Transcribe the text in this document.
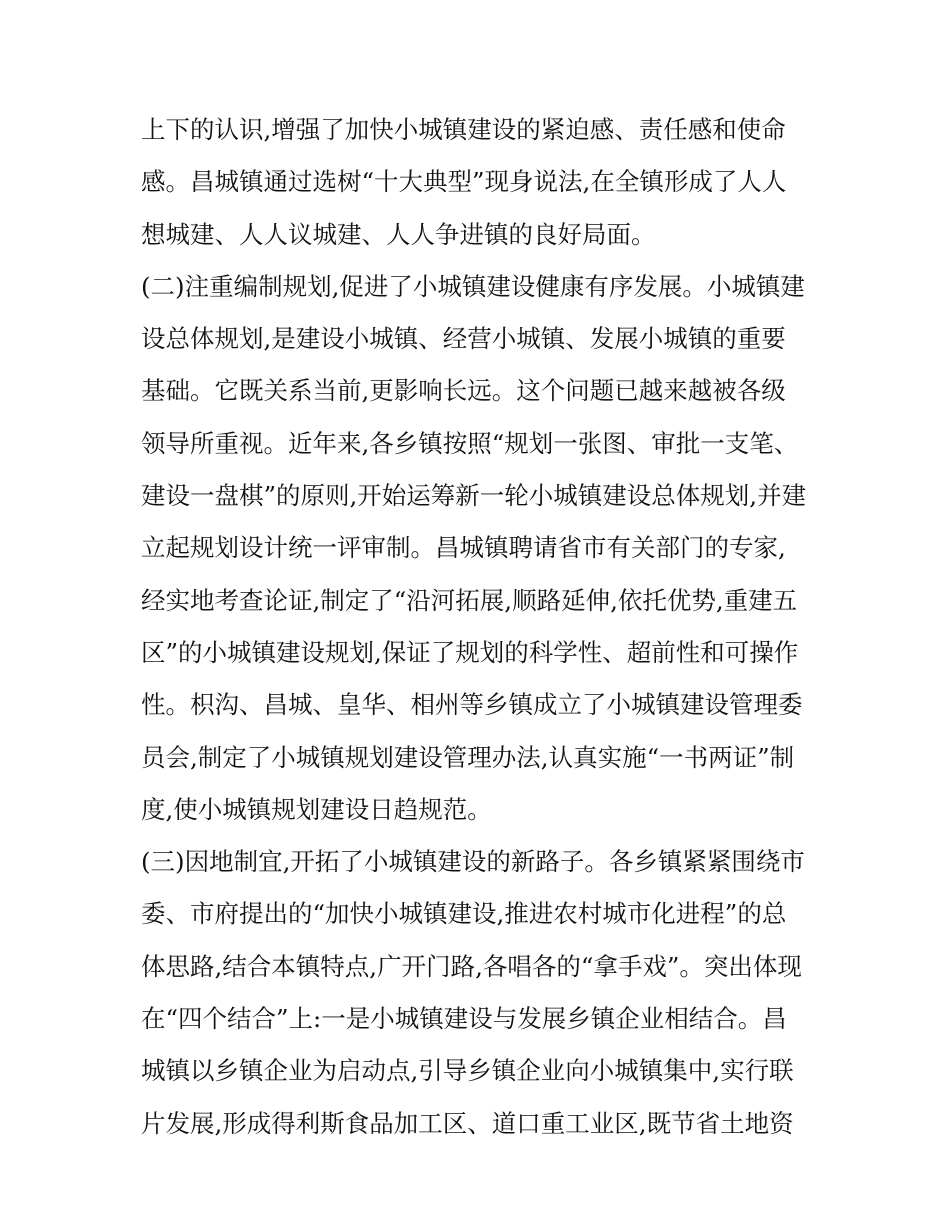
上下的认识,增强了加快小城镇建设的紧迫感、责任感和使命
感。昌城镇通过选树“十大典型”现身说法,在全镇形成了人人
想城建、人人议城建、人人争进镇的良好局面。
(二)注重编制规划,促进了小城镇建设健康有序发展。小城镇建
设总体规划,是建设小城镇、经营小城镇、发展小城镇的重要
基础。它既关系当前,更影响长远。这个问题已越来越被各级
领导所重视。近年来,各乡镇按照“规划一张图、审批一支笔、
建设一盘棋”的原则,开始运筹新一轮小城镇建设总体规划,并建
立起规划设计统一评审制。昌城镇聘请省市有关部门的专家,
经实地考查论证,制定了“沿河拓展,顺路延伸,依托优势,重建五
区”的小城镇建设规划,保证了规划的科学性、超前性和可操作
性。枳沟、昌城、皇华、相州等乡镇成立了小城镇建设管理委
员会,制定了小城镇规划建设管理办法,认真实施“一书两证”制
度,使小城镇规划建设日趋规范。
(三)因地制宜,开拓了小城镇建设的新路子。各乡镇紧紧围绕市
委、市府提出的“加快小城镇建设,推进农村城市化进程”的总
体思路,结合本镇特点,广开门路,各唱各的“拿手戏”。突出体现
在“四个结合”上:一是小城镇建设与发展乡镇企业相结合。昌
城镇以乡镇企业为启动点,引导乡镇企业向小城镇集中,实行联
片发展,形成得利斯食品加工区、道口重工业区,既节省土地资
